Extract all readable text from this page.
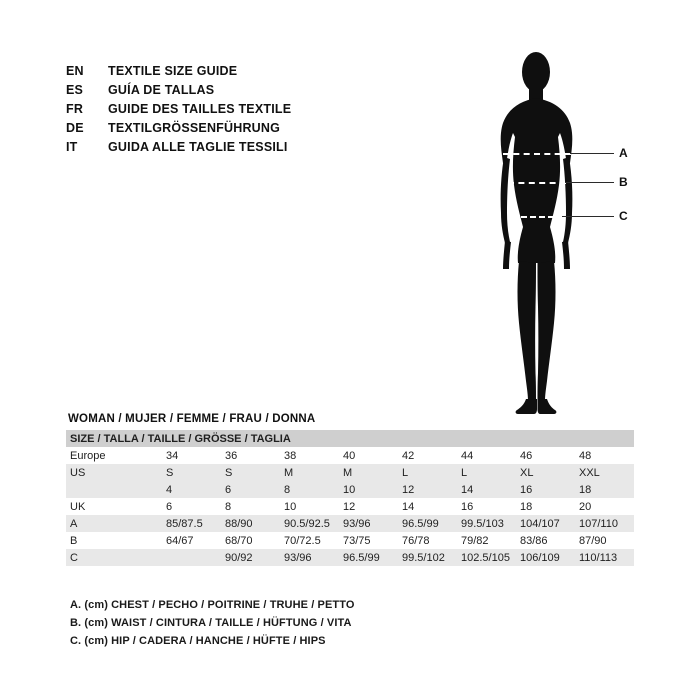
EN	TEXTILE SIZE GUIDE
ES	GUÍA DE TALLAS
FR	GUIDE DES TAILLES TEXTILE
DE	TEXTILGRÖSSENFÜHRUNG
IT	GUIDA ALLE TAGLIE TESSILI	A
B
C
WOMAN / MUJER / FEMME / FRAU / DONNA
SIZE / TALLA / TAILLE / GRÖSSE / TAGLIA								
Europe	34	36	38	40	42	44	46	48
US	S	S	M	M	L	L	XL	XXL
	4	6	8	10	12	14	16	18
UK	6	8	10	12	14	16	18	20
A	85/87.5	88/90	90.5/92.5	93/96	96.5/99	99.5/103	104/107	107/110
B	64/67	68/70	70/72.5	73/75	76/78	79/82	83/86	87/90
C		90/92	93/96	96.5/99	99.5/102	102.5/105	106/109	110/113
A. (cm) CHEST / PECHO / POITRINE / TRUHE / PETTO
B. (cm) WAIST / CINTURA / TAILLE / HÜFTUNG / VITA
C. (cm) HIP / CADERA / HANCHE / HÜFTE / HIPS
